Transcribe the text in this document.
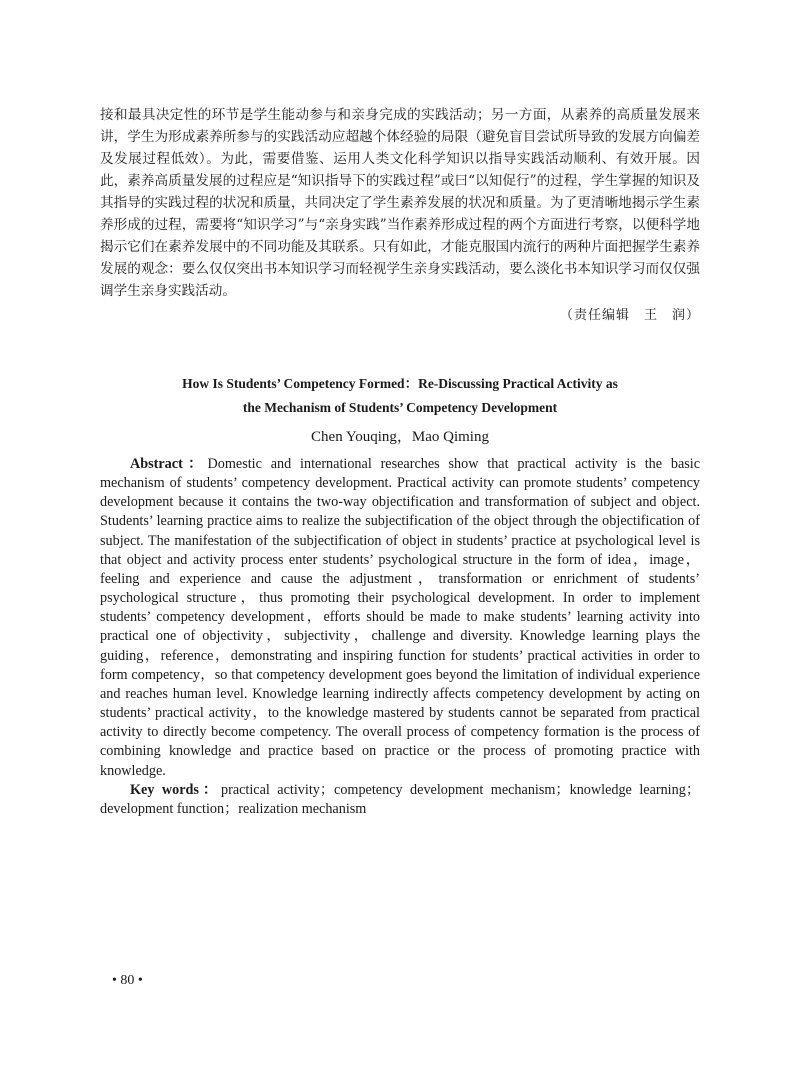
接和最具决定性的环节是学生能动参与和亲身完成的实践活动；另一方面，从素养的高质量发展来讲，学生为形成素养所参与的实践活动应超越个体经验的局限（避免盲目尝试所导致的发展方向偏差及发展过程低效）。为此，需要借鉴、运用人类文化科学知识以指导实践活动顺利、有效开展。因此，素养高质量发展的过程应是“知识指导下的实践过程”或曰“以知促行”的过程，学生掌握的知识及其指导的实践过程的状况和质量，共同决定了学生素养发展的状况和质量。为了更清晰地揭示学生素养形成的过程，需要将“知识学习”与“亲身实践”当作素养形成过程的两个方面进行考察，以便科学地揭示它们在素养发展中的不同功能及其联系。只有如此，才能克服国内流行的两种片面把握学生素养发展的观念：要么仅仅突出书本知识学习而轻视学生亲身实践活动，要么淡化书本知识学习而仅仅强调学生亲身实践活动。

（责任编辑　王　润）
How Is Students’ Competency Formed：Re-Discussing Practical Activity as
the Mechanism of Students’ Competency Development
Chen Youqing，Mao Qiming

Abstract：Domestic and international researches show that practical activity is the basic mechanism of students’ competency development. Practical activity can promote students’ competency development because it contains the two-way objectification and transformation of subject and object. Students’ learning practice aims to realize the subjectification of the object through the objectification of subject. The manifestation of the subjectification of object in students’ practice at psychological level is that object and activity process enter students’ psychological structure in the form of idea，image，feeling and experience and cause the adjustment，transformation or enrichment of students’ psychological structure，thus promoting their psychological development. In order to implement students’ competency development，efforts should be made to make students’ learning activity into practical one of objectivity，subjectivity，challenge and diversity. Knowledge learning plays the guiding，reference，demonstrating and inspiring function for students’ practical activities in order to form competency，so that competency development goes beyond the limitation of individual experience and reaches human level. Knowledge learning indirectly affects competency development by acting on students’ practical activity，to the knowledge mastered by students cannot be separated from practical activity to directly become competency. The overall process of competency formation is the process of combining knowledge and practice based on practice or the process of promoting practice with knowledge.

Key words：practical activity；competency development mechanism；knowledge learning；development function；realization mechanism

• 80 •
